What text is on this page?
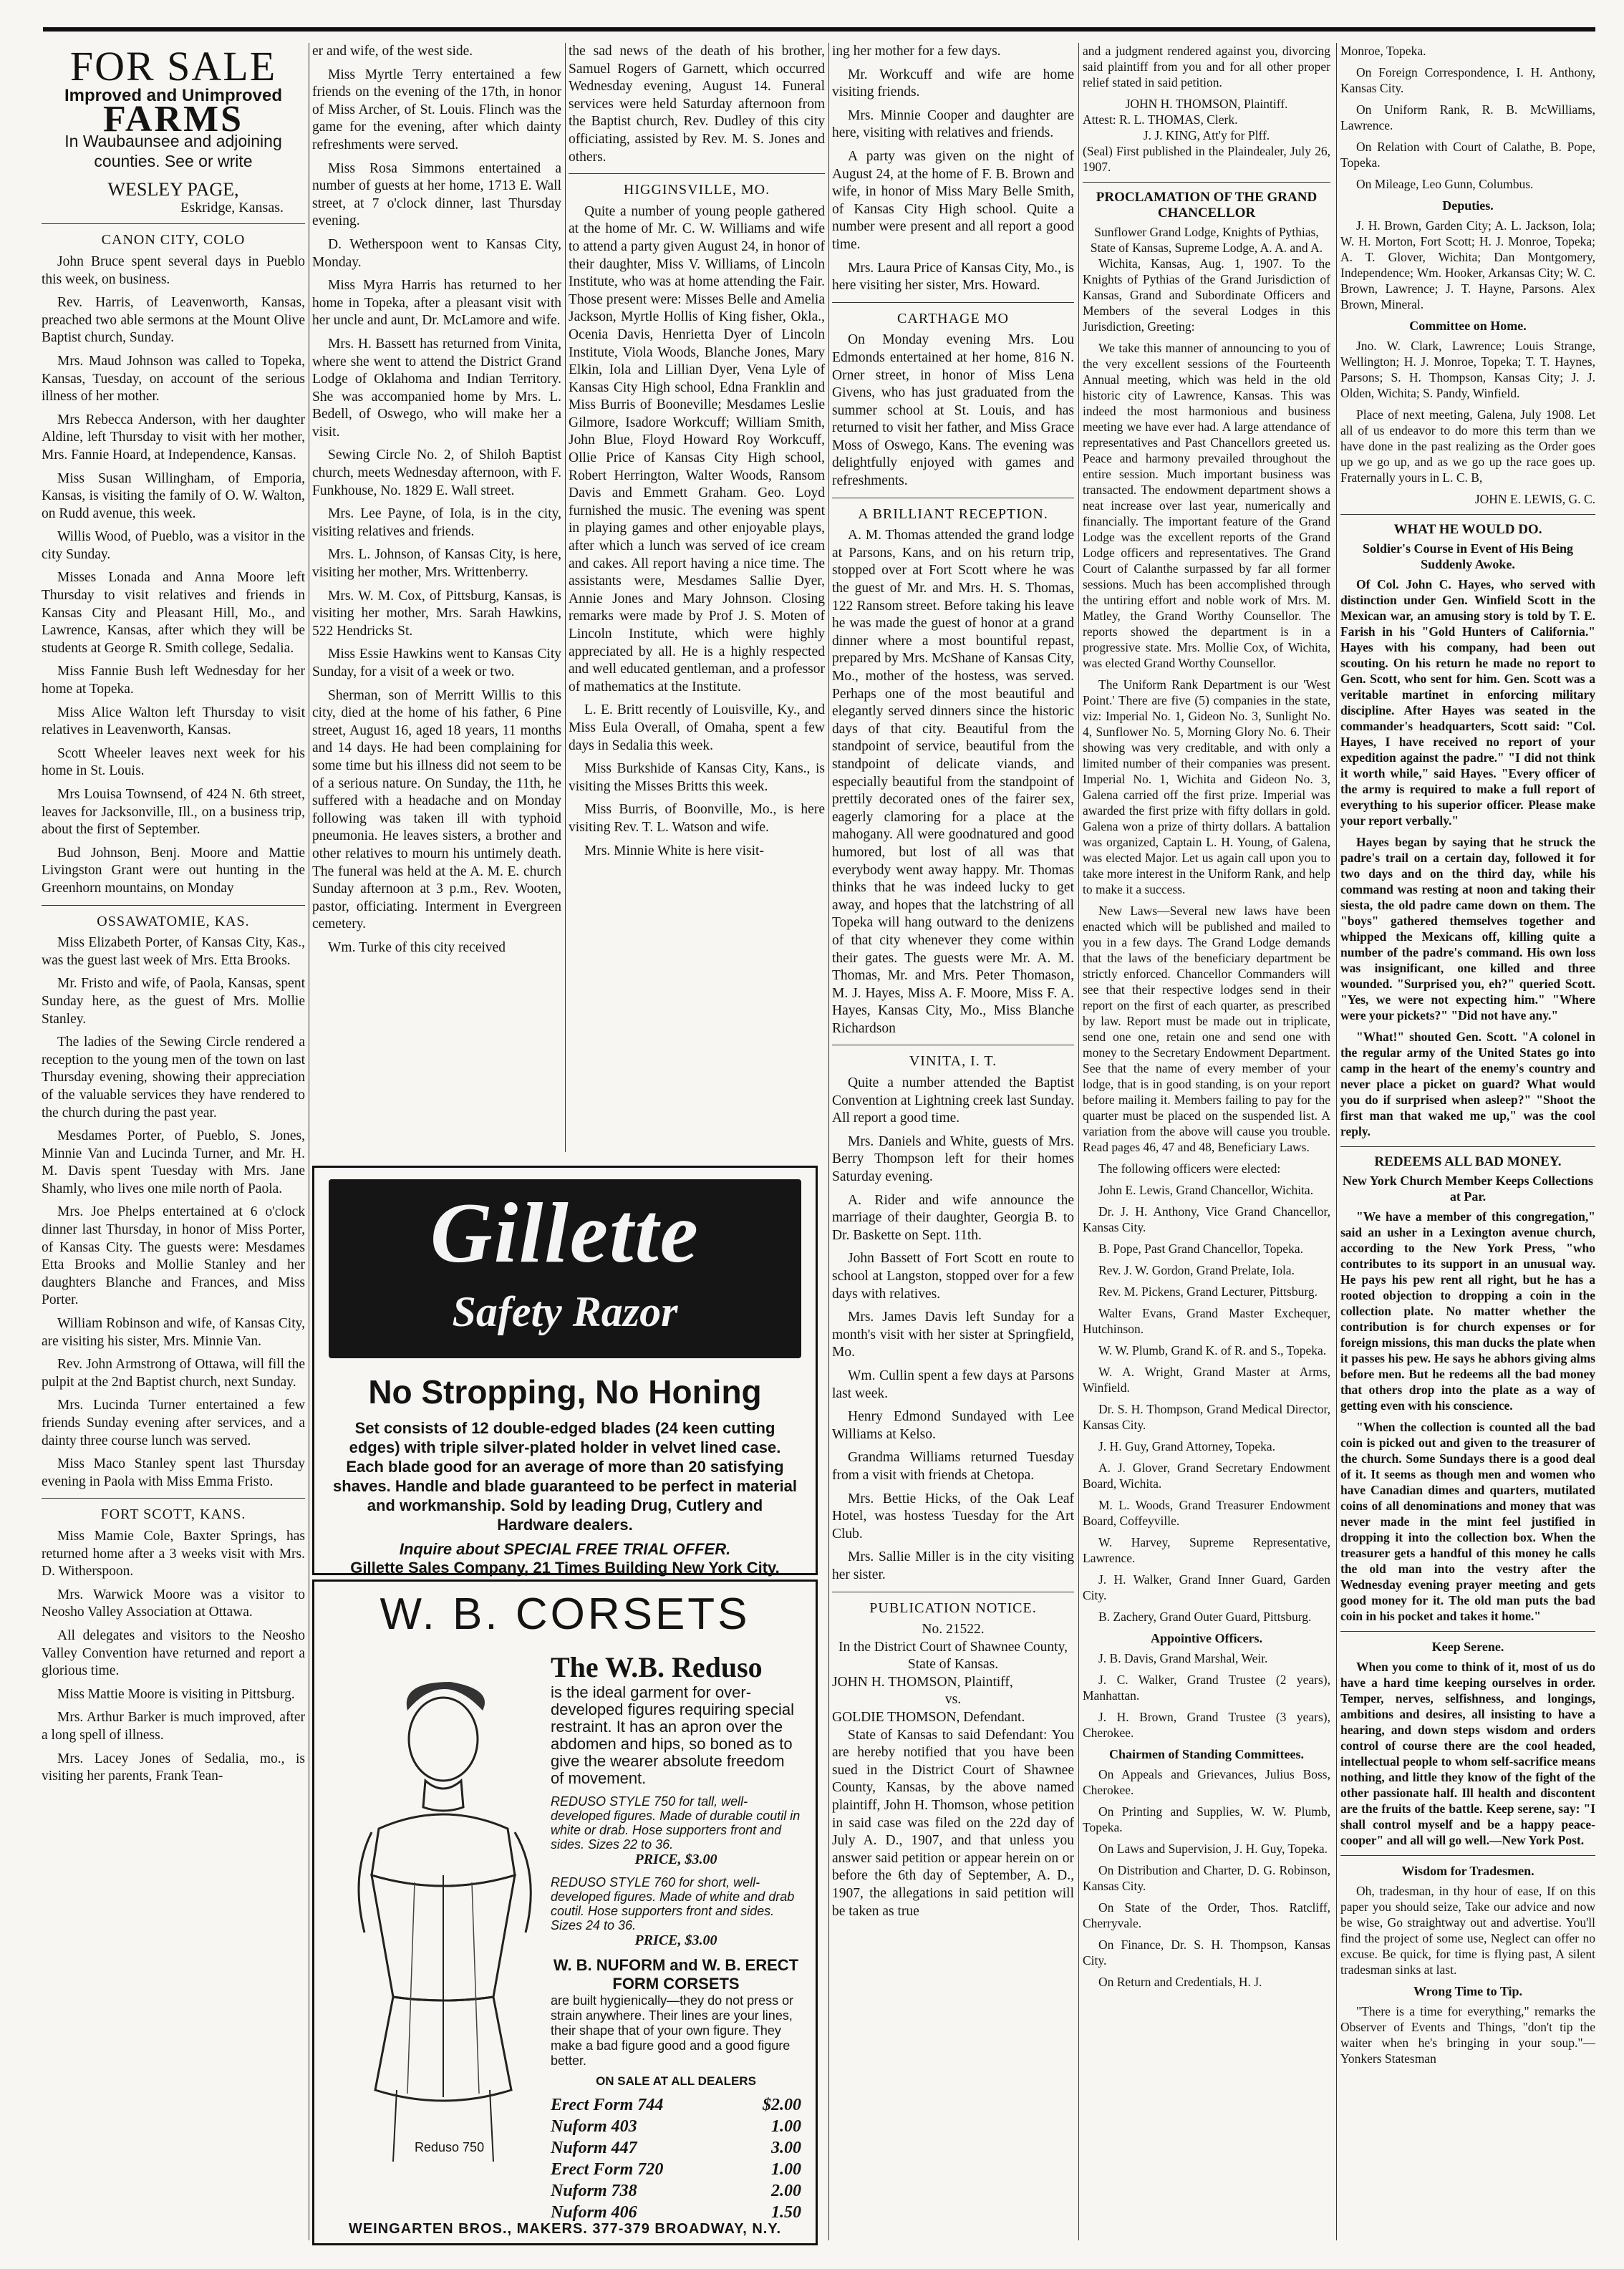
FOR SALE
Improved and Unimproved
FARMS
In Waubaunsee and adjoining counties. See or write
WESLEY PAGE,
Eskridge, Kansas.
CANON CITY, COLO

John Bruce spent several days in Pueblo this week, on business.

Rev. Harris, of Leavenworth, Kansas, preached two able sermons at the Mount Olive Baptist church, Sunday.

Mrs. Maud Johnson was called to Topeka, Kansas, Tuesday, on account of the serious illness of her mother.

Mrs Rebecca Anderson, with her daughter Aldine, left Thursday to visit with her mother, Mrs. Fannie Hoard, at Independence, Kansas.

Miss Susan Willingham, of Emporia, Kansas, is visiting the family of O. W. Walton, on Rudd avenue, this week.

Willis Wood, of Pueblo, was a visitor in the city Sunday.

Misses Lonada and Anna Moore left Thursday to visit relatives and friends in Kansas City and Pleasant Hill, Mo., and Lawrence, Kansas, after which they will be students at George R. Smith college, Sedalia.

Miss Fannie Bush left Wednesday for her home at Topeka.

Miss Alice Walton left Thursday to visit relatives in Leavenworth, Kansas.

Scott Wheeler leaves next week for his home in St. Louis.

Mrs Louisa Townsend, of 424 N. 6th street, leaves for Jacksonville, Ill., on a business trip, about the first of September.

Bud Johnson, Benj. Moore and Mattie Livingston Grant were out hunting in the Greenhorn mountains, on Monday

OSSAWATOMIE, KAS.

Miss Elizabeth Porter, of Kansas City, Kas., was the guest last week of Mrs. Etta Brooks.

Mr. Fristo and wife, of Paola, Kansas, spent Sunday here, as the guest of Mrs. Mollie Stanley.

The ladies of the Sewing Circle rendered a reception to the young men of the town on last Thursday evening, showing their appreciation of the valuable services they have rendered to the church during the past year.

Mesdames Porter, of Pueblo, S. Jones, Minnie Van and Lucinda Turner, and Mr. H. M. Davis spent Tuesday with Mrs. Jane Shamly, who lives one mile north of Paola.

Mrs. Joe Phelps entertained at 6 o'clock dinner last Thursday, in honor of Miss Porter, of Kansas City. The guests were: Mesdames Etta Brooks and Mollie Stanley and her daughters Blanche and Frances, and Miss Porter.

William Robinson and wife, of Kansas City, are visiting his sister, Mrs. Minnie Van.

Rev. John Armstrong of Ottawa, will fill the pulpit at the 2nd Baptist church, next Sunday.

Mrs. Lucinda Turner entertained a few friends Sunday evening after services, and a dainty three course lunch was served.

Miss Maco Stanley spent last Thursday evening in Paola with Miss Emma Fristo.

FORT SCOTT, KANS.

Miss Mamie Cole, Baxter Springs, has returned home after a 3 weeks visit with Mrs. D. Witherspoon.

Mrs. Warwick Moore was a visitor to Neosho Valley Association at Ottawa.

All delegates and visitors to the Neosho Valley Convention have returned and report a glorious time.

Miss Mattie Moore is visiting in Pittsburg.

Mrs. Arthur Barker is much improved, after a long spell of illness.

Mrs. Lacey Jones of Sedalia, mo., is visiting her parents, Frank Tean-

er and wife, of the west side.

Miss Myrtle Terry entertained a few friends on the evening of the 17th, in honor of Miss Archer, of St. Louis. Flinch was the game for the evening, after which dainty refreshments were served.

Miss Rosa Simmons entertained a number of guests at her home, 1713 E. Wall street, at 7 o'clock dinner, last Thursday evening.

D. Wetherspoon went to Kansas City, Monday.

Miss Myra Harris has returned to her home in Topeka, after a pleasant visit with her uncle and aunt, Dr. McLamore and wife.

Mrs. H. Bassett has returned from Vinita, where she went to attend the District Grand Lodge of Oklahoma and Indian Territory. She was accompanied home by Mrs. L. Bedell, of Oswego, who will make her a visit.

Sewing Circle No. 2, of Shiloh Baptist church, meets Wednesday afternoon, with F. Funkhouse, No. 1829 E. Wall street.

Mrs. Lee Payne, of Iola, is in the city, visiting relatives and friends.

Mrs. L. Johnson, of Kansas City, is here, visiting her mother, Mrs. Writtenberry.

Mrs. W. M. Cox, of Pittsburg, Kansas, is visiting her mother, Mrs. Sarah Hawkins, 522 Hendricks St.

Miss Essie Hawkins went to Kansas City Sunday, for a visit of a week or two.

Sherman, son of Merritt Willis to this city, died at the home of his father, 6 Pine street, August 16, aged 18 years, 11 months and 14 days. He had been complaining for some time but his illness did not seem to be of a serious nature. On Sunday, the 11th, he suffered with a headache and on Monday following was taken ill with typhoid pneumonia. He leaves sisters, a brother and other relatives to mourn his untimely death. The funeral was held at the A. M. E. church Sunday afternoon at 3 p.m., Rev. Wooten, pastor, officiating. Interment in Evergreen cemetery.

Wm. Turke of this city received

the sad news of the death of his brother, Samuel Rogers of Garnett, which occurred Wednesday evening, August 14. Funeral services were held Saturday afternoon from the Baptist church, Rev. Dudley of this city officiating, assisted by Rev. M. S. Jones and others.

HIGGINSVILLE, MO.

Quite a number of young people gathered at the home of Mr. C. W. Williams and wife to attend a party given August 24, in honor of their daughter, Miss V. Williams, of Lincoln Institute, who was at home attending the Fair. Those present were: Misses Belle and Amelia Jackson, Myrtle Hollis of King fisher, Okla., Ocenia Davis, Henrietta Dyer of Lincoln Institute, Viola Woods, Blanche Jones, Mary Elkin, Iola and Lillian Dyer, Vena Lyle of Kansas City High school, Edna Franklin and Miss Burris of Booneville; Mesdames Leslie Gilmore, Isadore Workcuff; William Smith, John Blue, Floyd Howard Roy Workcuff, Ollie Price of Kansas City High school, Robert Herrington, Walter Woods, Ransom Davis and Emmett Graham. Geo. Loyd furnished the music. The evening was spent in playing games and other enjoyable plays, after which a lunch was served of ice cream and cakes. All report having a nice time. The assistants were, Mesdames Sallie Dyer, Annie Jones and Mary Johnson. Closing remarks were made by Prof J. S. Moten of Lincoln Institute, which were highly appreciated by all. He is a highly respected and well educated gentleman, and a professor of mathematics at the Institute.

L. E. Britt recently of Louisville, Ky., and Miss Eula Overall, of Omaha, spent a few days in Sedalia this week.

Miss Burkshide of Kansas City, Kans., is visiting the Misses Britts this week.

Miss Burris, of Boonville, Mo., is here visiting Rev. T. L. Watson and wife.

Mrs. Minnie White is here visit-

Gillette
Safety Razor
No Stropping, No Honing
Set consists of 12 double-edged blades (24 keen cutting edges) with triple silver-plated holder in velvet lined case. Each blade good for an average of more than 20 satisfying shaves. Handle and blade guaranteed to be perfect in material and workmanship. Sold by leading Drug, Cutlery and Hardware dealers.
Inquire about SPECIAL FREE TRIAL OFFER.
Gillette Sales Company, 21 Times Building New York City.
W. B. CORSETS
Reduso 750
The W.B. Reduso
is the ideal garment for over-developed figures requiring special restraint. It has an apron over the abdomen and hips, so boned as to give the wearer absolute freedom of movement.
REDUSO STYLE 750 for tall, well-developed figures. Made of durable coutil in white or drab. Hose supporters front and sides. Sizes 22 to 36.
PRICE, $3.00
REDUSO STYLE 760 for short, well-developed figures. Made of white and drab coutil. Hose supporters front and sides. Sizes 24 to 36.
PRICE, $3.00
W. B. NUFORM and W. B. ERECT FORM CORSETS
are built hygienically—they do not press or strain anywhere. Their lines are your lines, their shape that of your own figure. They make a bad figure good and a good figure better.
ON SALE AT ALL DEALERS
Erect Form 744	$2.00
Nuform 403	1.00
Nuform 447	3.00
Erect Form 720	1.00
Nuform 738	2.00
Nuform 406	1.50
WEINGARTEN BROS., MAKERS. 377-379 BROADWAY, N.Y.

ing her mother for a few days.

Mr. Workcuff and wife are home visiting friends.

Mrs. Minnie Cooper and daughter are here, visiting with relatives and friends.

A party was given on the night of August 24, at the home of F. B. Brown and wife, in honor of Miss Mary Belle Smith, of Kansas City High school. Quite a number were present and all report a good time.

Mrs. Laura Price of Kansas City, Mo., is here visiting her sister, Mrs. Howard.

CARTHAGE MO

On Monday evening Mrs. Lou Edmonds entertained at her home, 816 N. Orner street, in honor of Miss Lena Givens, who has just graduated from the summer school at St. Louis, and has returned to visit her father, and Miss Grace Moss of Oswego, Kans. The evening was delightfully enjoyed with games and refreshments.

A BRILLIANT RECEPTION.

A. M. Thomas attended the grand lodge at Parsons, Kans, and on his return trip, stopped over at Fort Scott where he was the guest of Mr. and Mrs. H. S. Thomas, 122 Ransom street. Before taking his leave he was made the guest of honor at a grand dinner where a most bountiful repast, prepared by Mrs. McShane of Kansas City, Mo., mother of the hostess, was served. Perhaps one of the most beautiful and elegantly served dinners since the historic days of that city. Beautiful from the standpoint of service, beautiful from the standpoint of delicate viands, and especially beautiful from the standpoint of prettily decorated ones of the fairer sex, eagerly clamoring for a place at the mahogany. All were goodnatured and good humored, but lost of all was that everybody went away happy. Mr. Thomas thinks that he was indeed lucky to get away, and hopes that the latchstring of all Topeka will hang outward to the denizens of that city whenever they come within their gates. The guests were Mr. A. M. Thomas, Mr. and Mrs. Peter Thomason, M. J. Hayes, Miss A. F. Moore, Miss F. A. Hayes, Kansas City, Mo., Miss Blanche Richardson

VINITA, I. T.

Quite a number attended the Baptist Convention at Lightning creek last Sunday. All report a good time.

Mrs. Daniels and White, guests of Mrs. Berry Thompson left for their homes Saturday evening.

A. Rider and wife announce the marriage of their daughter, Georgia B. to Dr. Baskette on Sept. 11th.

John Bassett of Fort Scott en route to school at Langston, stopped over for a few days with relatives.

Mrs. James Davis left Sunday for a month's visit with her sister at Springfield, Mo.

Wm. Cullin spent a few days at Parsons last week.

Henry Edmond Sundayed with Lee Williams at Kelso.

Grandma Williams returned Tuesday from a visit with friends at Chetopa.

Mrs. Bettie Hicks, of the Oak Leaf Hotel, was hostess Tuesday for the Art Club.

Mrs. Sallie Miller is in the city visiting her sister.

PUBLICATION NOTICE.
No. 21522.
In the District Court of Shawnee County, State of Kansas.
JOHN H. THOMSON, Plaintiff,
vs.
GOLDIE THOMSON, Defendant.

State of Kansas to said Defendant: You are hereby notified that you have been sued in the District Court of Shawnee County, Kansas, by the above named plaintiff, John H. Thomson, whose petition in said case was filed on the 22d day of July A. D., 1907, and that unless you answer said petition or appear herein on or before the 6th day of September, A. D., 1907, the allegations in said petition will be taken as true

and a judgment rendered against you, divorcing said plaintiff from you and for all other proper relief stated in said petition.

JOHN H. THOMSON, Plaintiff.
Attest: R. L. THOMAS, Clerk.
J. J. KING, Att'y for Plff.

(Seal) First published in the Plaindealer, July 26, 1907.

PROCLAMATION OF THE GRAND CHANCELLOR
Sunflower Grand Lodge, Knights of Pythias, State of Kansas, Supreme Lodge, A. A. and A.

Wichita, Kansas, Aug. 1, 1907. To the Knights of Pythias of the Grand Jurisdiction of Kansas, Grand and Subordinate Officers and Members of the several Lodges in this Jurisdiction, Greeting:

We take this manner of announcing to you of the very excellent sessions of the Fourteenth Annual meeting, which was held in the old historic city of Lawrence, Kansas. This was indeed the most harmonious and business meeting we have ever had. A large attendance of representatives and Past Chancellors greeted us. Peace and harmony prevailed throughout the entire session. Much important business was transacted. The endowment department shows a neat increase over last year, numerically and financially. The important feature of the Grand Lodge was the excellent reports of the Grand Lodge officers and representatives. The Grand Court of Calanthe surpassed by far all former sessions. Much has been accomplished through the untiring effort and noble work of Mrs. M. Matley, the Grand Worthy Counsellor. The reports showed the department is in a progressive state. Mrs. Mollie Cox, of Wichita, was elected Grand Worthy Counsellor.

The Uniform Rank Department is our 'West Point.' There are five (5) companies in the state, viz: Imperial No. 1, Gideon No. 3, Sunlight No. 4, Sunflower No. 5, Morning Glory No. 6. Their showing was very creditable, and with only a limited number of their companies was present. Imperial No. 1, Wichita and Gideon No. 3, Galena carried off the first prize. Imperial was awarded the first prize with fifty dollars in gold. Galena won a prize of thirty dollars. A battalion was organized, Captain L. H. Young, of Galena, was elected Major. Let us again call upon you to take more interest in the Uniform Rank, and help to make it a success.

New Laws—Several new laws have been enacted which will be published and mailed to you in a few days. The Grand Lodge demands that the laws of the beneficiary department be strictly enforced. Chancellor Commanders will see that their respective lodges send in their report on the first of each quarter, as prescribed by law. Report must be made out in triplicate, send one one, retain one and send one with money to the Secretary Endowment Department. See that the name of every member of your lodge, that is in good standing, is on your report before mailing it. Members failing to pay for the quarter must be placed on the suspended list. A variation from the above will cause you trouble. Read pages 46, 47 and 48, Beneficiary Laws.

The following officers were elected:

John E. Lewis, Grand Chancellor, Wichita.

Dr. J. H. Anthony, Vice Grand Chancellor, Kansas City.

B. Pope, Past Grand Chancellor, Topeka.

Rev. J. W. Gordon, Grand Prelate, Iola.

Rev. M. Pickens, Grand Lecturer, Pittsburg.

Walter Evans, Grand Master Exchequer, Hutchinson.

W. W. Plumb, Grand K. of R. and S., Topeka.

W. A. Wright, Grand Master at Arms, Winfield.

Dr. S. H. Thompson, Grand Medical Director, Kansas City.

J. H. Guy, Grand Attorney, Topeka.

A. J. Glover, Grand Secretary Endowment Board, Wichita.

M. L. Woods, Grand Treasurer Endowment Board, Coffeyville.

W. Harvey, Supreme Representative, Lawrence.

J. H. Walker, Grand Inner Guard, Garden City.

B. Zachery, Grand Outer Guard, Pittsburg.

Appointive Officers.

J. B. Davis, Grand Marshal, Weir.

J. C. Walker, Grand Trustee (2 years), Manhattan.

J. H. Brown, Grand Trustee (3 years), Cherokee.

Chairmen of Standing Committees.

On Appeals and Grievances, Julius Boss, Cherokee.

On Printing and Supplies, W. W. Plumb, Topeka.

On Laws and Supervision, J. H. Guy, Topeka.

On Distribution and Charter, D. G. Robinson, Kansas City.

On State of the Order, Thos. Ratcliff, Cherryvale.

On Finance, Dr. S. H. Thompson, Kansas City.

On Return and Credentials, H. J.

Monroe, Topeka.

On Foreign Correspondence, I. H. Anthony, Kansas City.

On Uniform Rank, R. B. McWilliams, Lawrence.

On Relation with Court of Calathe, B. Pope, Topeka.

On Mileage, Leo Gunn, Columbus.

Deputies.

J. H. Brown, Garden City; A. L. Jackson, Iola; W. H. Morton, Fort Scott; H. J. Monroe, Topeka; A. T. Glover, Wichita; Dan Montgomery, Independence; Wm. Hooker, Arkansas City; W. C. Brown, Lawrence; J. T. Hayne, Parsons. Alex Brown, Mineral.

Committee on Home.

Jno. W. Clark, Lawrence; Louis Strange, Wellington; H. J. Monroe, Topeka; T. T. Haynes, Parsons; S. H. Thompson, Kansas City; J. J. Olden, Wichita; S. Pandy, Winfield.

Place of next meeting, Galena, July 1908. Let all of us endeavor to do more this term than we have done in the past realizing as the Order goes up we go up, and as we go up the race goes up. Fraternally yours in L. C. B,

JOHN E. LEWIS, G. C.
WHAT HE WOULD DO.
Soldier's Course in Event of His Being Suddenly Awoke.

Of Col. John C. Hayes, who served with distinction under Gen. Winfield Scott in the Mexican war, an amusing story is told by T. E. Farish in his "Gold Hunters of California." Hayes with his company, had been out scouting. On his return he made no report to Gen. Scott, who sent for him. Gen. Scott was a veritable martinet in enforcing military discipline. After Hayes was seated in the commander's headquarters, Scott said: "Col. Hayes, I have received no report of your expedition against the padre." "I did not think it worth while," said Hayes. "Every officer of the army is required to make a full report of everything to his superior officer. Please make your report verbally."

Hayes began by saying that he struck the padre's trail on a certain day, followed it for two days and on the third day, while his command was resting at noon and taking their siesta, the old padre came down on them. The "boys" gathered themselves together and whipped the Mexicans off, killing quite a number of the padre's command. His own loss was insignificant, one killed and three wounded. "Surprised you, eh?" queried Scott. "Yes, we were not expecting him." "Where were your pickets?" "Did not have any."

"What!" shouted Gen. Scott. "A colonel in the regular army of the United States go into camp in the heart of the enemy's country and never place a picket on guard? What would you do if surprised when asleep?" "Shoot the first man that waked me up," was the cool reply.

REDEEMS ALL BAD MONEY.
New York Church Member Keeps Collections at Par.

"We have a member of this congregation," said an usher in a Lexington avenue church, according to the New York Press, "who contributes to its support in an unusual way. He pays his pew rent all right, but he has a rooted objection to dropping a coin in the collection plate. No matter whether the contribution is for church expenses or for foreign missions, this man ducks the plate when it passes his pew. He says he abhors giving alms before men. But he redeems all the bad money that others drop into the plate as a way of getting even with his conscience.

"When the collection is counted all the bad coin is picked out and given to the treasurer of the church. Some Sundays there is a good deal of it. It seems as though men and women who have Canadian dimes and quarters, mutilated coins of all denominations and money that was never made in the mint feel justified in dropping it into the collection box. When the treasurer gets a handful of this money he calls the old man into the vestry after the Wednesday evening prayer meeting and gets good money for it. The old man puts the bad coin in his pocket and takes it home."

Keep Serene.

When you come to think of it, most of us do have a hard time keeping ourselves in order. Temper, nerves, selfishness, and longings, ambitions and desires, all insisting to have a hearing, and down steps wisdom and orders control of course there are the cool headed, intellectual people to whom self-sacrifice means nothing, and little they know of the fight of the other passionate half. Ill health and discontent are the fruits of the battle. Keep serene, say: "I shall control myself and be a happy peace-cooper" and all will go well.—New York Post.

Wisdom for Tradesmen.

Oh, tradesman, in thy hour of ease, If on this paper you should seize, Take our advice and now be wise, Go straightway out and advertise. You'll find the project of some use, Neglect can offer no excuse. Be quick, for time is flying past, A silent tradesman sinks at last.

Wrong Time to Tip.

"There is a time for everything," remarks the Observer of Events and Things, "don't tip the waiter when he's bringing in your soup."—Yonkers Statesman
